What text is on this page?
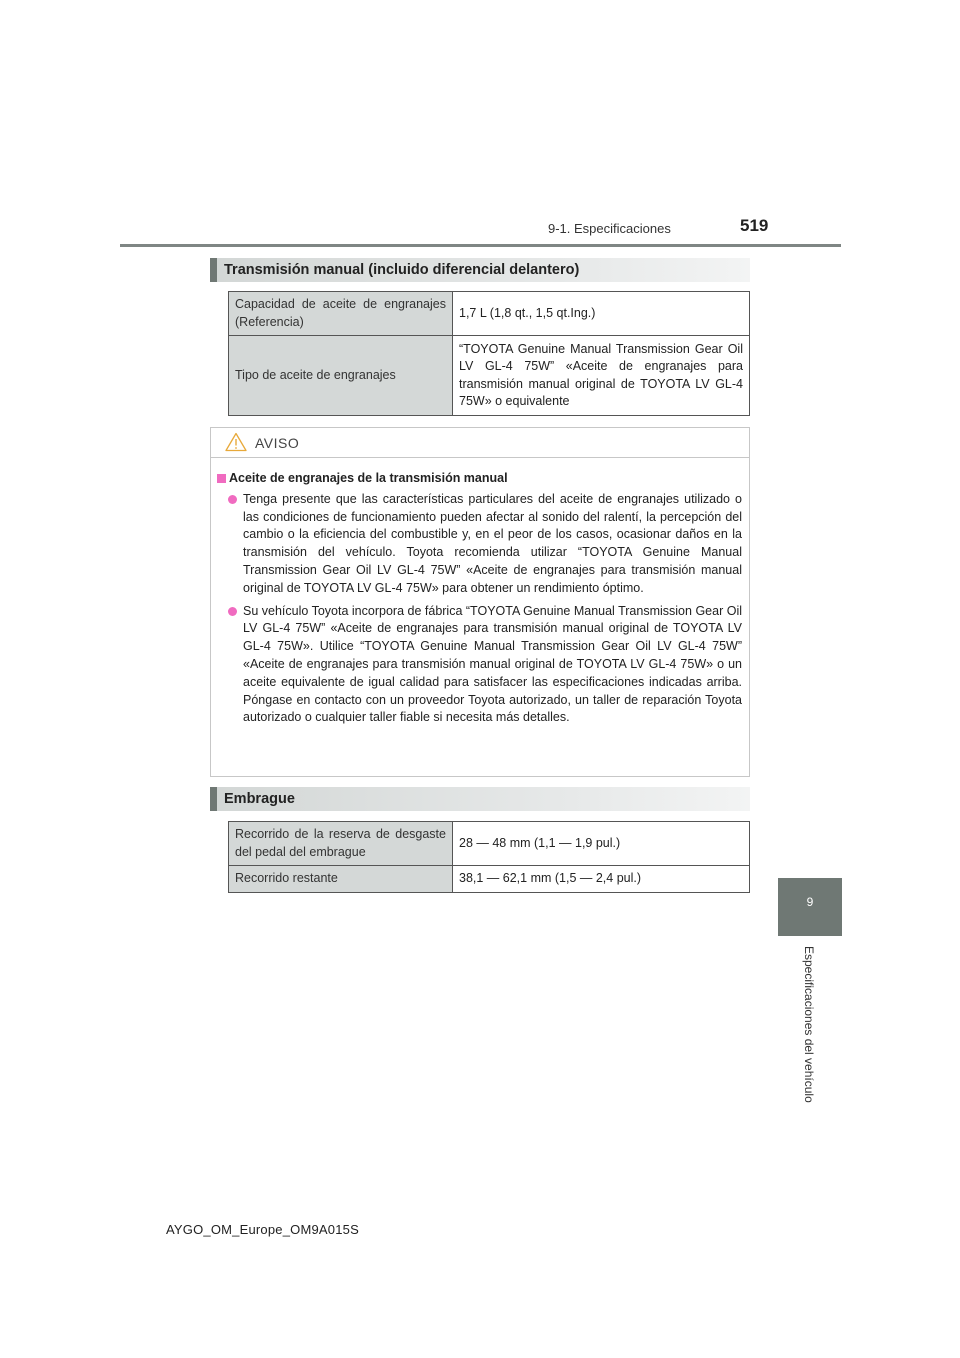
9-1. Especificaciones	519
9
Especificaciones del vehículo
Transmisión manual (incluido diferencial delantero)
Capacidad de aceite de engranajes (Referencia)	1,7 L (1,8 qt., 1,5 qt.Ing.)
Tipo de aceite de engranajes	“TOYOTA Genuine Manual Transmission Gear Oil LV GL-4 75W” «Aceite de engranajes para transmisión manual original de TOYOTA LV GL-4 75W» o equivalente
AVISO
Aceite de engranajes de la transmisión manual
Tenga presente que las características particulares del aceite de engranajes utilizado o las condiciones de funcionamiento pueden afectar al sonido del ralentí, la percepción del cambio o la eficiencia del combustible y, en el peor de los casos, ocasionar daños en la transmisión del vehículo. Toyota recomienda utilizar “TOYOTA Genuine Manual Transmission Gear Oil LV GL-4 75W” «Aceite de engranajes para transmisión manual original de TOYOTA LV GL-4 75W» para obtener un rendimiento óptimo.
Su vehículo Toyota incorpora de fábrica “TOYOTA Genuine Manual Transmission Gear Oil LV GL-4 75W” «Aceite de engranajes para transmisión manual original de TOYOTA LV GL-4 75W». Utilice “TOYOTA Genuine Manual Transmission Gear Oil LV GL-4 75W” «Aceite de engranajes para transmisión manual original de TOYOTA LV GL-4 75W» o un aceite equivalente de igual calidad para satisfacer las especificaciones indicadas arriba. Póngase en contacto con un proveedor Toyota autorizado, un taller de reparación Toyota autorizado o cualquier taller fiable si necesita más detalles.
Embrague
Recorrido de la reserva de desgaste del pedal del embrague	28 — 48 mm (1,1 — 1,9 pul.)
Recorrido restante	38,1 — 62,1 mm (1,5 — 2,4 pul.)
AYGO_OM_Europe_OM9A015S
